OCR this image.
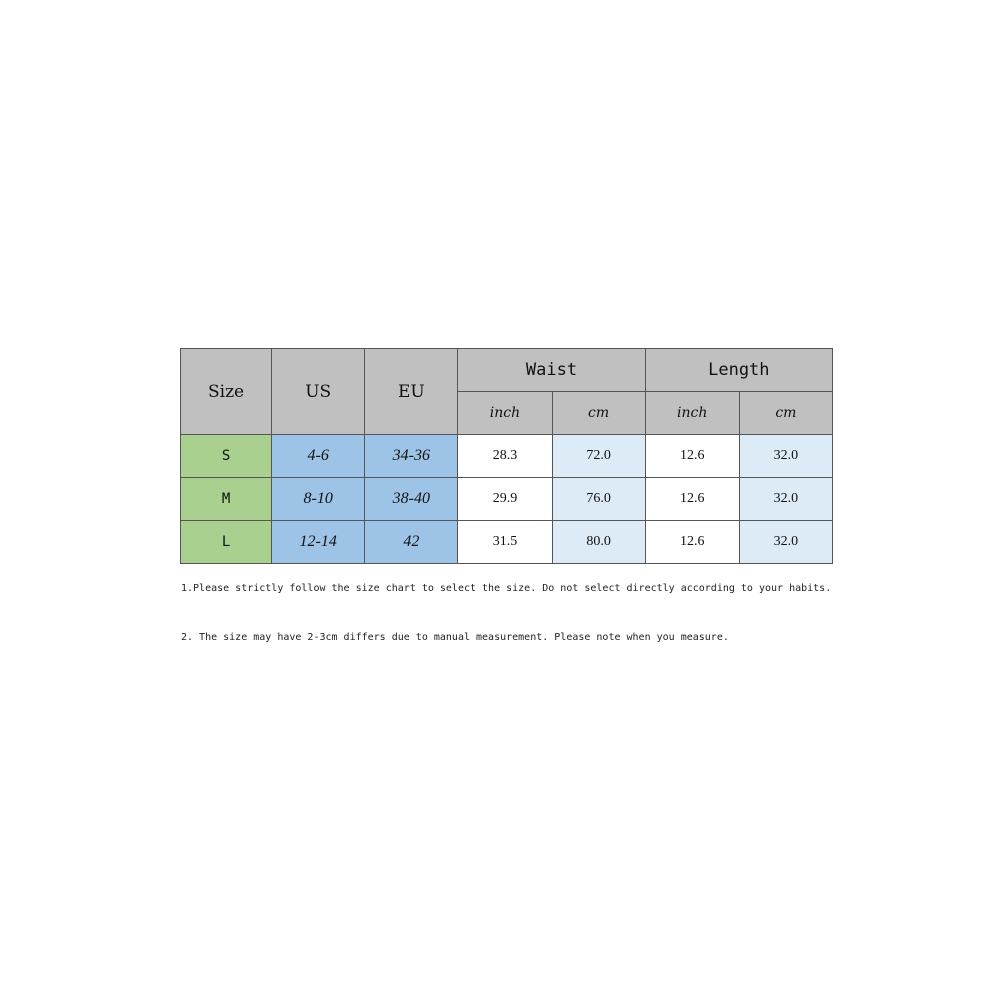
Size	US	EU	Waist		Length	
			inch	cm	inch	cm
S	4-6	34-36	28.3	72.0	12.6	32.0
M	8-10	38-40	29.9	76.0	12.6	32.0
L	12-14	42	31.5	80.0	12.6	32.0

1.Please strictly follow the size chart to select the size. Do not select directly according to your habits.

2. The size may have 2-3cm differs due to manual measurement. Please note when you measure.
